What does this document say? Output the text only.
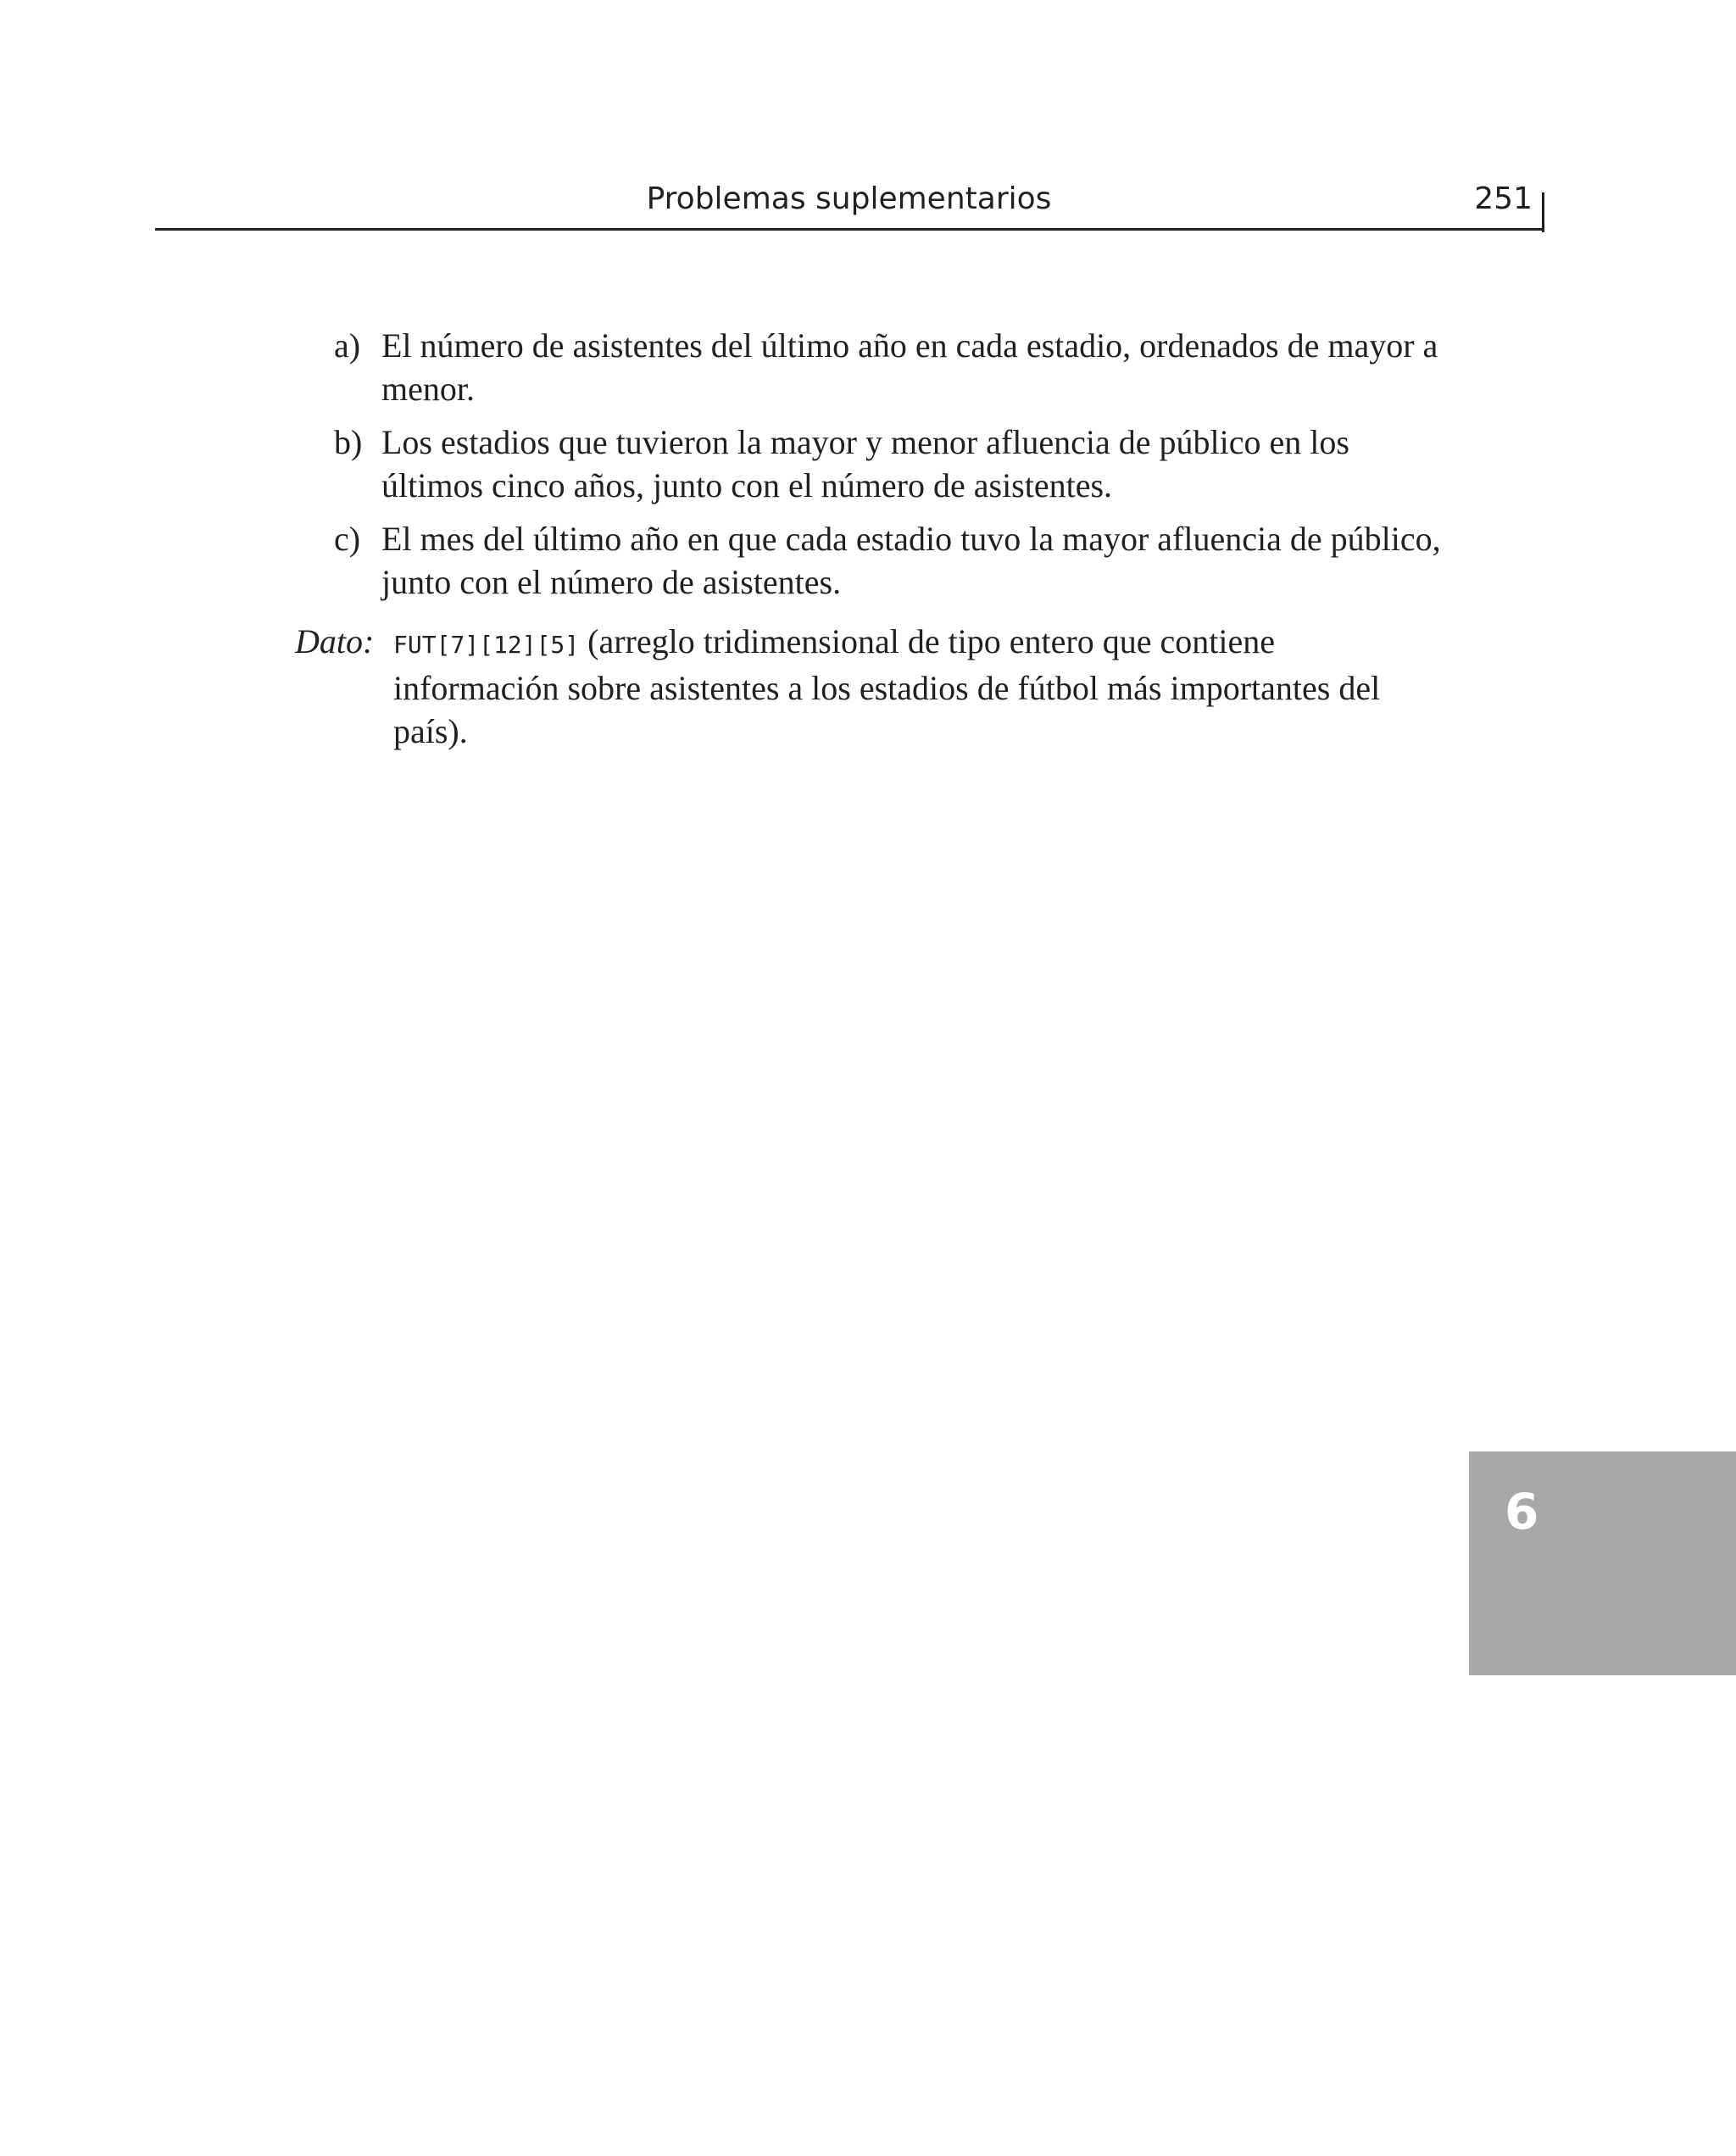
Problemas suplementarios	251
a) El número de asistentes del último año en cada estadio, ordenados de mayor a menor.
b) Los estadios que tuvieron la mayor y menor afluencia de público en los últimos cinco años, junto con el número de asistentes.
c) El mes del último año en que cada estadio tuvo la mayor afluencia de público, junto con el número de asistentes.
Dato: FUT[7][12][5] (arreglo tridimensional de tipo entero que contiene información sobre asistentes a los estadios de fútbol más importantes del país).
6
